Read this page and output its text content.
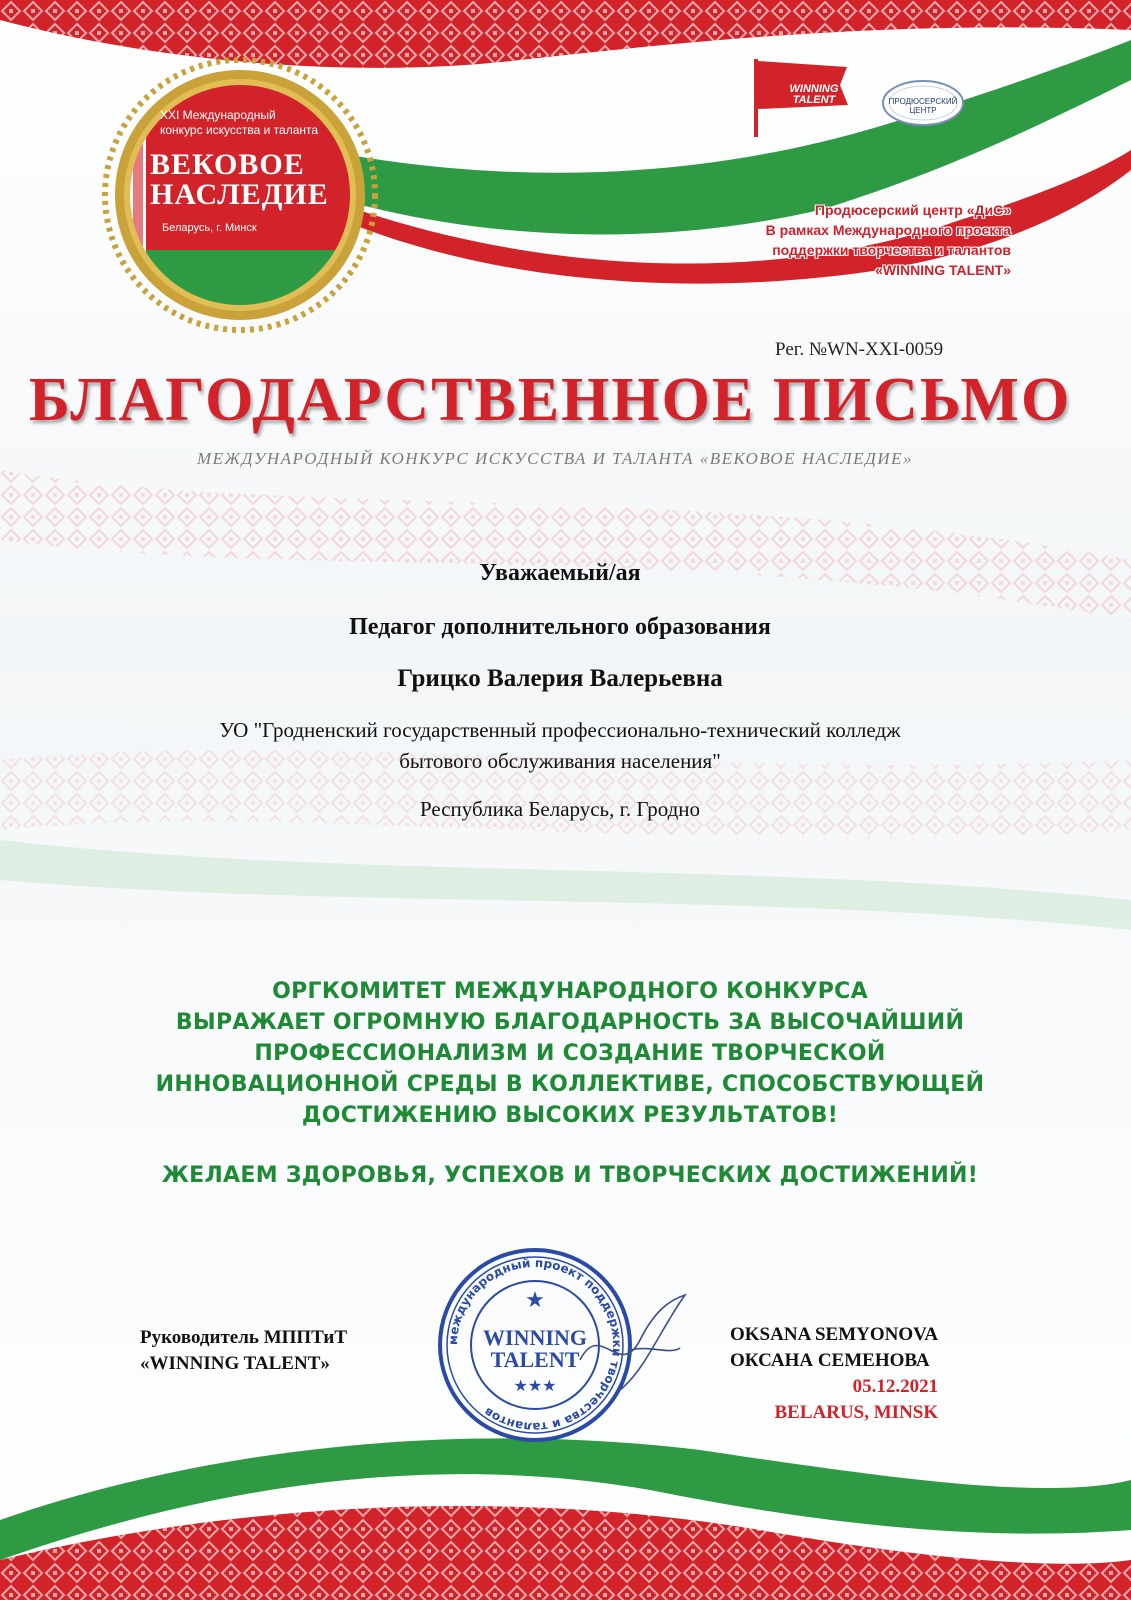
XXI Международный
конкурс искусства и таланта
ВЕКОВОЕ
НАСЛЕДИЕ
Беларусь, г. Минск
WINNING TALENT	ПРОДЮСЕРСКИЙ ЦЕНТР
Продюсерский центр «ДиС»
В рамках Международного проекта
поддержки творчества и талантов
«WINNING TALENT»
Рег. №WN-XXI-0059
БЛАГОДАРСТВЕННОЕ ПИСЬМО
МЕЖДУНАРОДНЫЙ КОНКУРС ИСКУССТВА И ТАЛАНТА «ВЕКОВОЕ НАСЛЕДИЕ»
Уважаемый/ая
Педагог дополнительного образования
Грицко Валерия Валерьевна
УО "Гродненский государственный профессионально-технический колледж
бытового обслуживания населения"
Республика Беларусь, г. Гродно
ОРГКОМИТЕТ МЕЖДУНАРОДНОГО КОНКУРСА
ВЫРАЖАЕТ ОГРОМНУЮ БЛАГОДАРНОСТЬ ЗА ВЫСОЧАЙШИЙ
ПРОФЕССИОНАЛИЗМ И СОЗДАНИЕ ТВОРЧЕСКОЙ
ИННОВАЦИОННОЙ СРЕДЫ В КОЛЛЕКТИВЕ, СПОСОБСТВУЮЩЕЙ
ДОСТИЖЕНИЮ ВЫСОКИХ РЕЗУЛЬТАТОВ!
ЖЕЛАЕМ ЗДОРОВЬЯ, УСПЕХОВ И ТВОРЧЕСКИХ ДОСТИЖЕНИЙ!
международный проект поддержки творчества и талантов
★
WINNING
TALENT
★★★
Руководитель МППТиТ
«WINNING TALENT»
OKSANA SEMYONOVA
ОКСАНА СЕМЕНОВА
05.12.2021
BELARUS, MINSK
